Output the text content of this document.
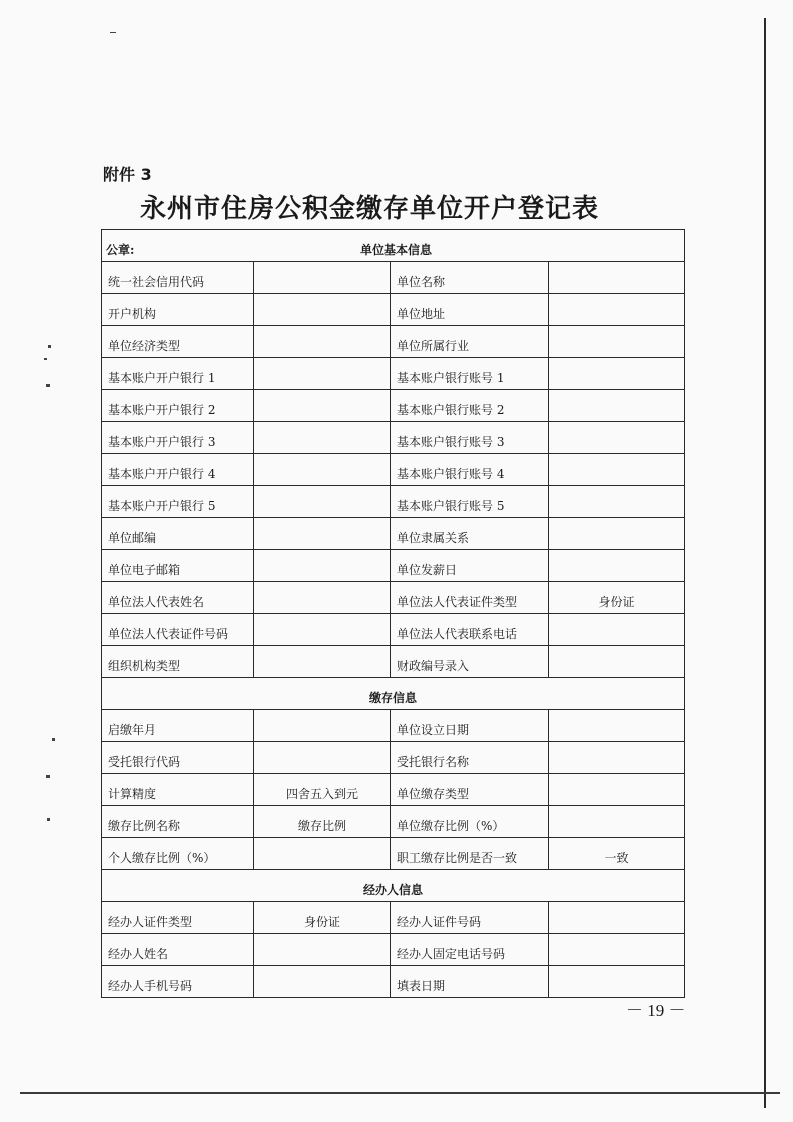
附件 3
永州市住房公积金缴存单位开户登记表
公章: 单位基本信息			

统一社会信用代码		单位名称	
开户机构		单位地址	
单位经济类型		单位所属行业	
基本账户开户银行 1		基本账户银行账号 1	
基本账户开户银行 2		基本账户银行账号 2	
基本账户开户银行 3		基本账户银行账号 3	
基本账户开户银行 4		基本账户银行账号 4	
基本账户开户银行 5		基本账户银行账号 5	
单位邮编		单位隶属关系	
单位电子邮箱		单位发薪日	
单位法人代表姓名		单位法人代表证件类型	身份证
单位法人代表证件号码		单位法人代表联系电话	
组织机构类型		财政编号录入	
缴存信息			
启缴年月		单位设立日期	
受托银行代码		受托银行名称	
计算精度	四舍五入到元	单位缴存类型	
缴存比例名称	缴存比例	单位缴存比例（%）	
个人缴存比例（%）		职工缴存比例是否一致	一致
经办人信息			
经办人证件类型	身份证	经办人证件号码	
经办人姓名		经办人固定电话号码	
经办人手机号码		填表日期	
－ 19 －
